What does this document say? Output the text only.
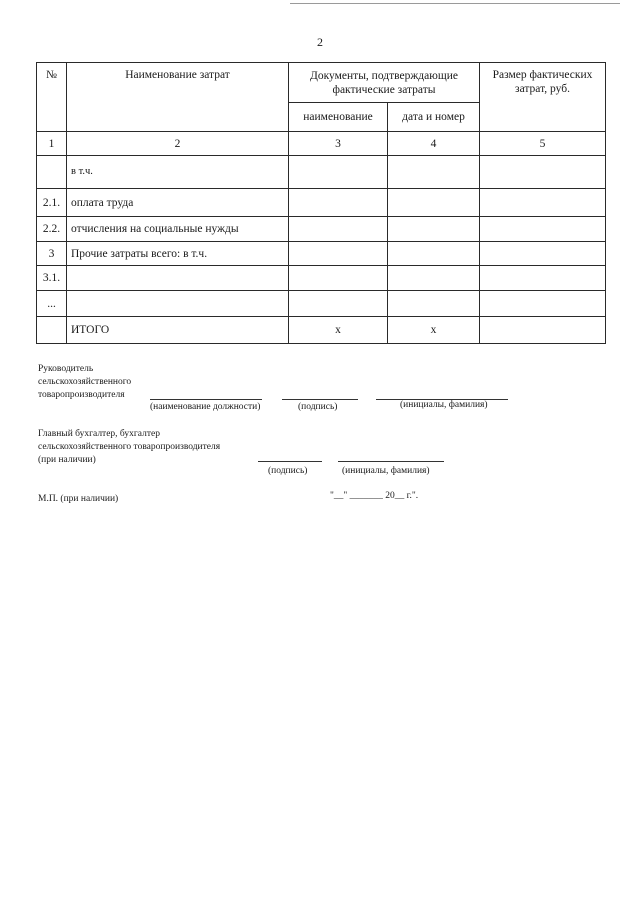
2
№	Наименование затрат	Документы, подтверждающие фактические затраты		Размер фактических затрат, руб.
		наименование	дата и номер	
1	2	3	4	5
	в т.ч.			
2.1.	оплата труда			
2.2.	отчисления на социальные нужды			
3	Прочие затраты всего: в т.ч.			
3.1.				
...				
	ИТОГО	х	х	
Руководитель
сельскохозяйственного
товаропроизводителя
(наименование должности)	(подпись)	(инициалы, фамилия)
Главный бухгалтер, бухгалтер
сельскохозяйственного товаропроизводителя
(при наличии)
(подпись)	(инициалы, фамилия)
М.П. (при наличии)	"__" _______ 20__ г.".
